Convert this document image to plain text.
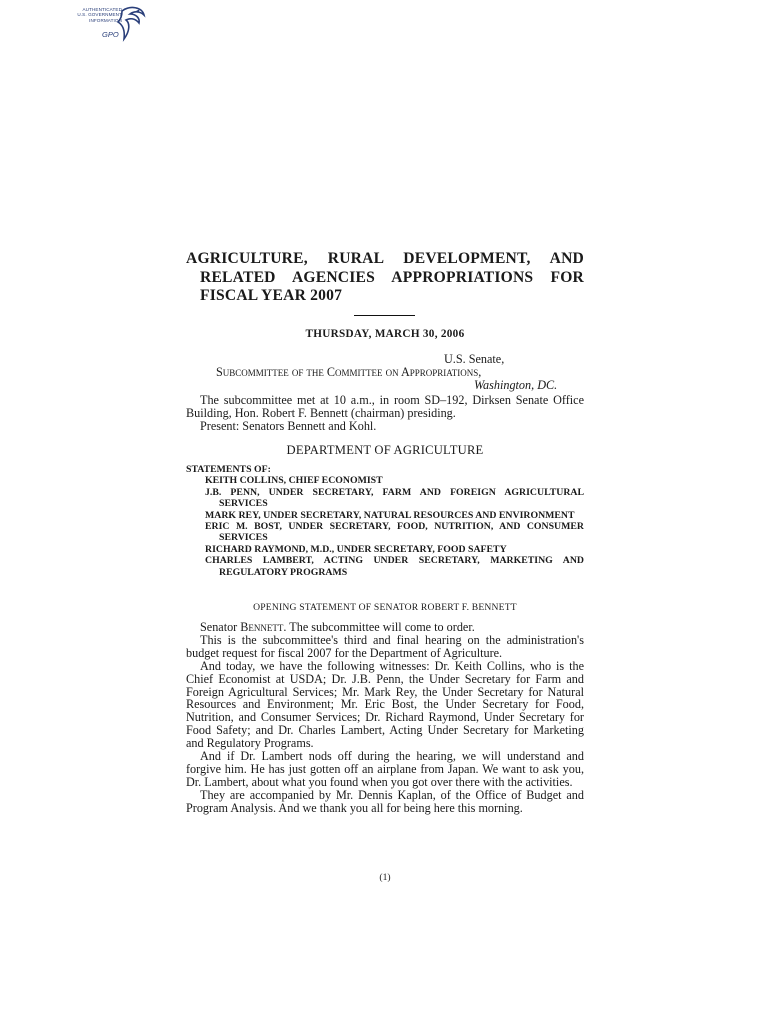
AUTHENTICATED
U.S. GOVERNMENT
INFORMATION
GPO
AGRICULTURE, RURAL DEVELOPMENT, AND
RELATED AGENCIES APPROPRIATIONS FOR
FISCAL YEAR 2007
THURSDAY, MARCH 30, 2006
U.S. Senate,
Subcommittee of the Committee on Appropriations,
Washington, DC.

The subcommittee met at 10 a.m., in room SD–192, Dirksen Senate Office Building, Hon. Robert F. Bennett (chairman) presiding.

Present: Senators Bennett and Kohl.

DEPARTMENT OF AGRICULTURE
STATEMENTS OF:
KEITH COLLINS, CHIEF ECONOMIST
J.B. PENN, UNDER SECRETARY, FARM AND FOREIGN AGRICULTURAL SERVICES
MARK REY, UNDER SECRETARY, NATURAL RESOURCES AND ENVIRONMENT
ERIC M. BOST, UNDER SECRETARY, FOOD, NUTRITION, AND CONSUMER SERVICES
RICHARD RAYMOND, M.D., UNDER SECRETARY, FOOD SAFETY
CHARLES LAMBERT, ACTING UNDER SECRETARY, MARKETING AND REGULATORY PROGRAMS
OPENING STATEMENT OF SENATOR ROBERT F. BENNETT

Senator Bennett. The subcommittee will come to order.

This is the subcommittee's third and final hearing on the administration's budget request for fiscal 2007 for the Department of Agriculture.

And today, we have the following witnesses: Dr. Keith Collins, who is the Chief Economist at USDA; Dr. J.B. Penn, the Under Secretary for Farm and Foreign Agricultural Services; Mr. Mark Rey, the Under Secretary for Natural Resources and Environment; Mr. Eric Bost, the Under Secretary for Food, Nutrition, and Consumer Services; Dr. Richard Raymond, Under Secretary for Food Safety; and Dr. Charles Lambert, Acting Under Secretary for Marketing and Regulatory Programs.

And if Dr. Lambert nods off during the hearing, we will understand and forgive him. He has just gotten off an airplane from Japan. We want to ask you, Dr. Lambert, about what you found when you got over there with the activities.

They are accompanied by Mr. Dennis Kaplan, of the Office of Budget and Program Analysis. And we thank you all for being here this morning.

(1)
